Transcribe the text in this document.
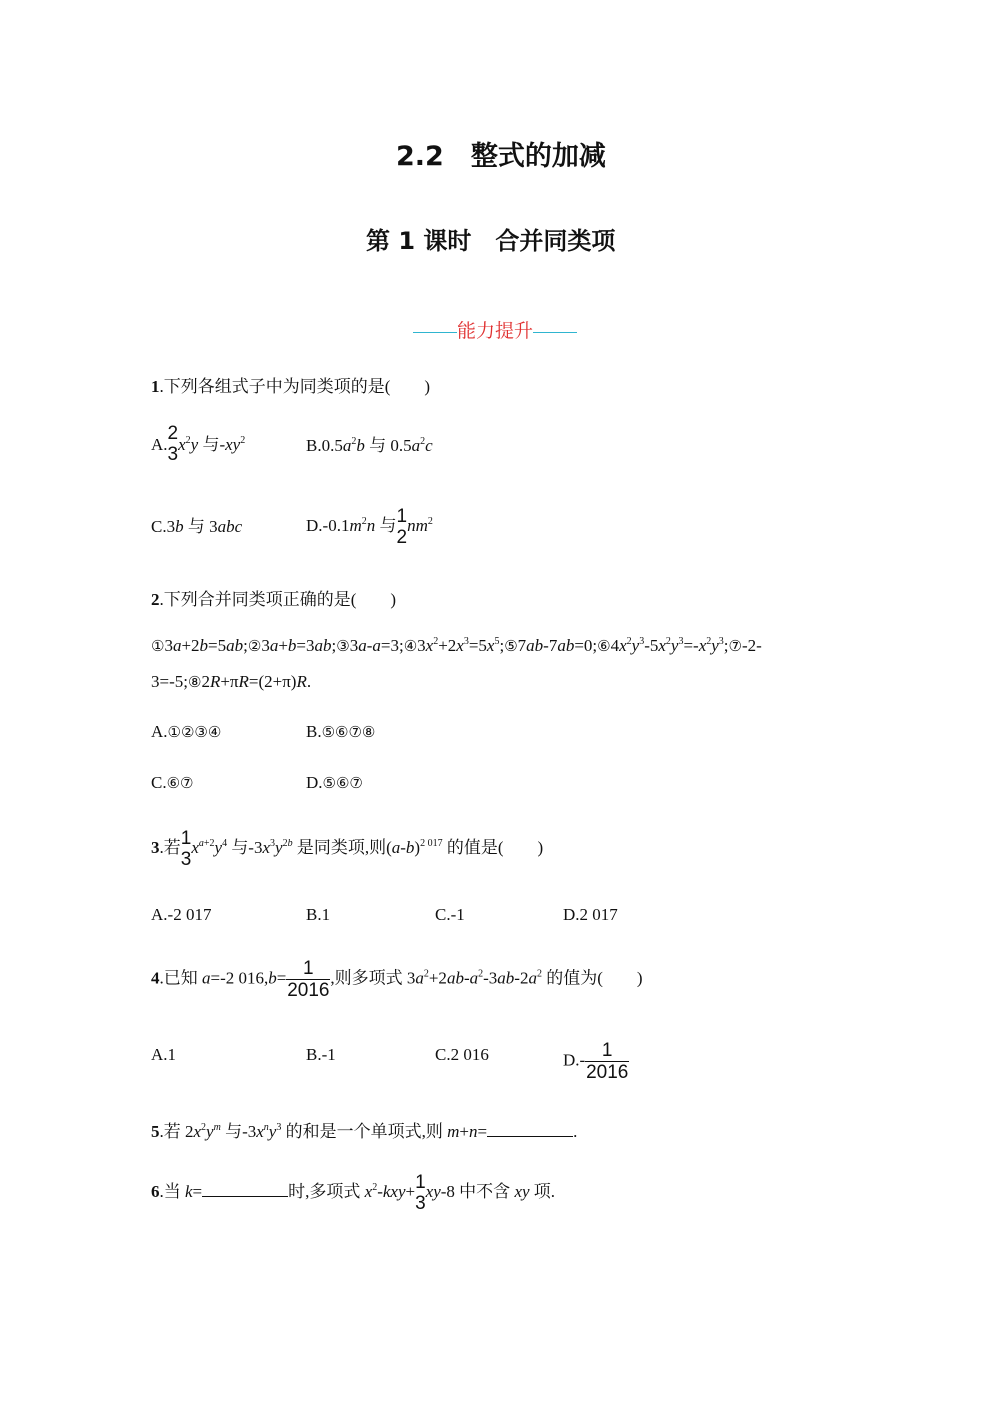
2.2　整式的加减
第 1 课时　合并同类项
能力提升
1.下列各组式子中为同类项的是(　　)
A.
2
3 $x^2y$ 与$-xy^2$	$B.0.5a^2b$ 与 $0.5a^2c$
C.3b 与 3abc	$D.-0.1m^2n$ 与 1
2
$nm^2$
2.下列合并同类项正确的是(　　)
$①3a+2b=5ab;②3a+b=3ab;③3a-a=3;④3x^2+2x^3=5x^5;⑤7ab-7ab=0;⑥4x^2y^3-5x^2y^3=-x^2y^3;⑦-2-$
3=-5;⑧2R+πR=(2+π)R.
A.①②③④	B.⑤⑥⑦⑧
C.⑥⑦	D.⑤⑥⑦
3.若 1
3
$x^{a+2}y^4$ 与$-3x^3y^{2b}$ 是同类项,则$(a-b)^{2 017}$ 的值是(　　)
A.-2 017	B.1	C.-1	D.2 017
4.已知 a=-2 $016,b= \frac{1}{2016}$ ,则多项式 $3a^2+2ab-a^2-3ab-2a^2$ 的值为(　　)
A.1	B.-1	C.2 016	$D.- \frac{1}{2016}$
5.若 $2x^2y^m$ 与$-3x^ny^3$ 的和是一个单项式,则 m+n=	.
6.当 k=	时,多项式 $x^2-kxy+ 1$
3
xy-8 中不含 xy 项.
